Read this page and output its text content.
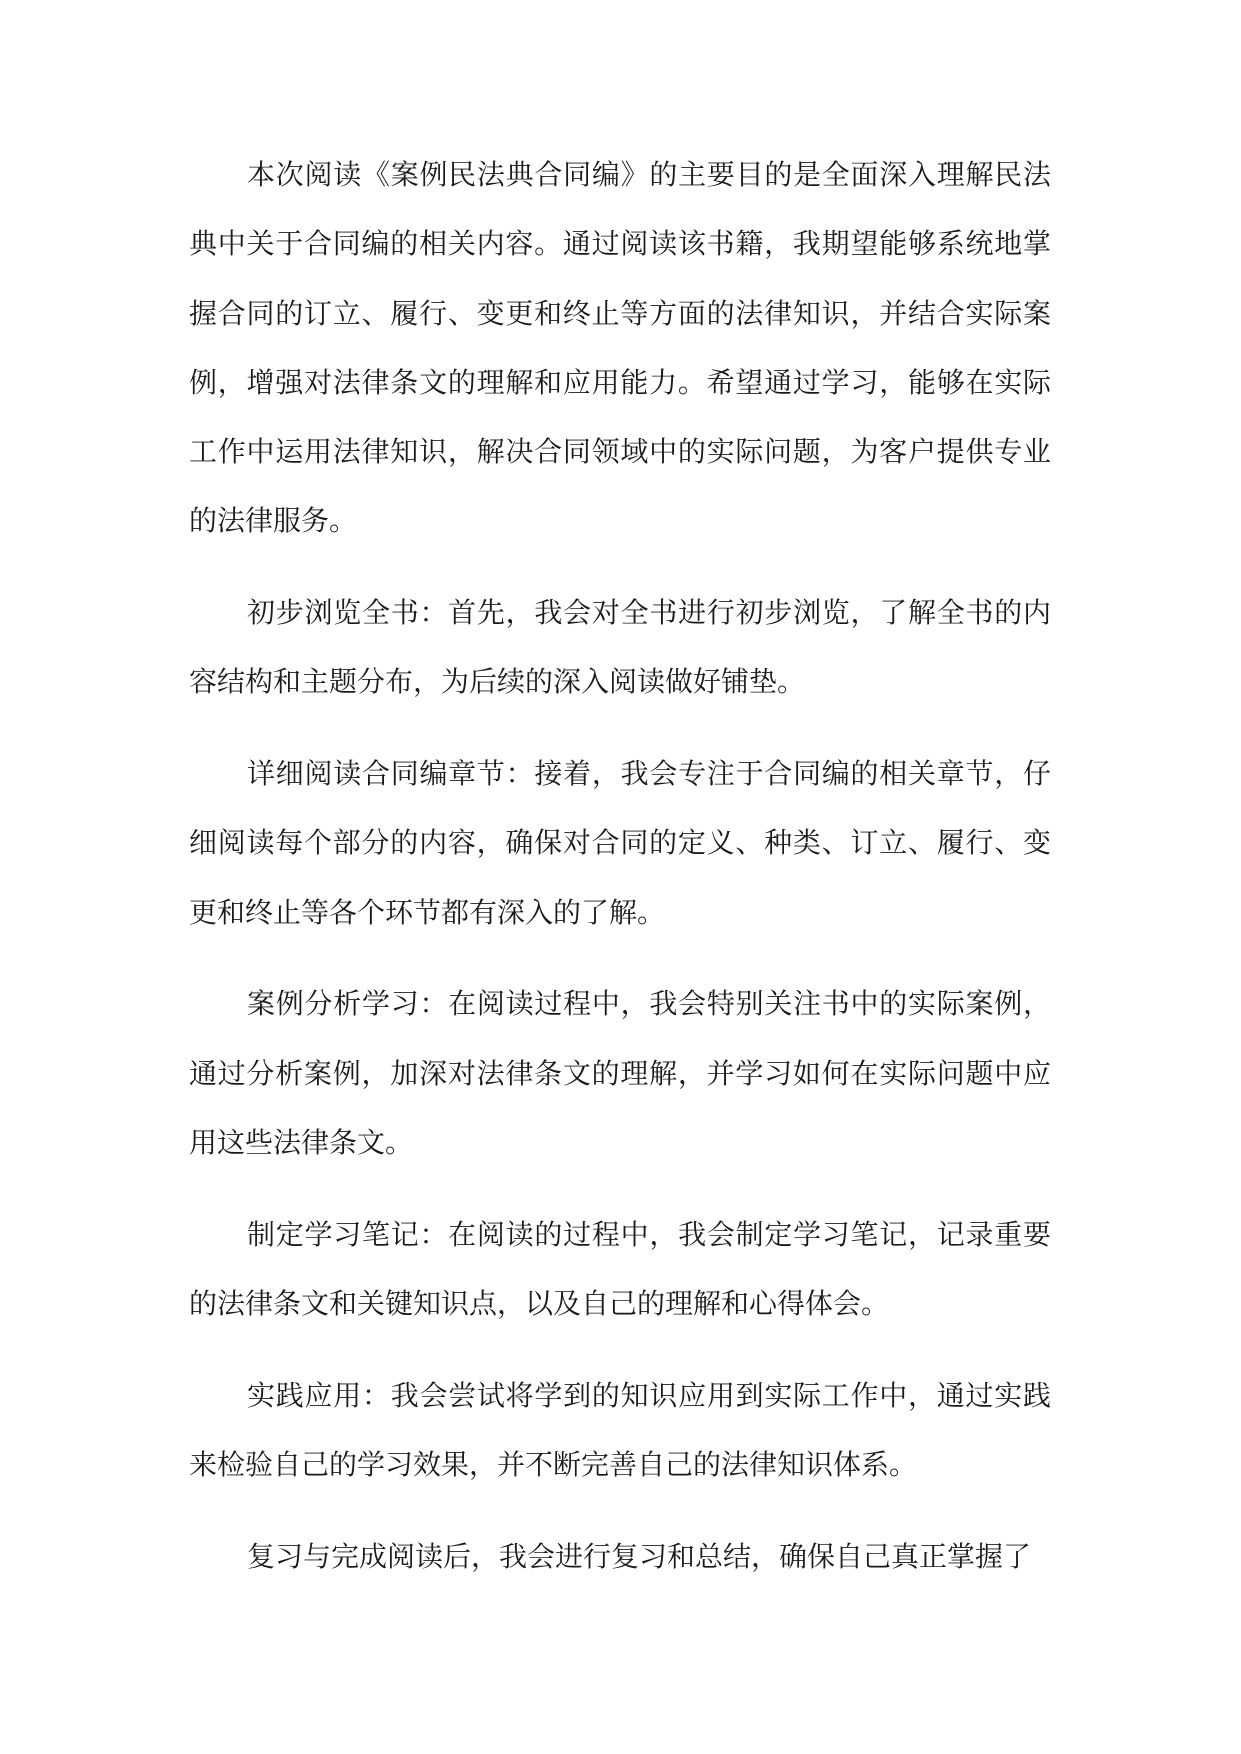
本次阅读《案例民法典合同编》的主要目的是全面深入理解民法典中关于合同编的相关内容。通过阅读该书籍，我期望能够系统地掌握合同的订立、履行、变更和终止等方面的法律知识，并结合实际案例，增强对法律条文的理解和应用能力。希望通过学习，能够在实际工作中运用法律知识，解决合同领域中的实际问题，为客户提供专业的法律服务。

初步浏览全书：首先，我会对全书进行初步浏览，了解全书的内容结构和主题分布，为后续的深入阅读做好铺垫。

详细阅读合同编章节：接着，我会专注于合同编的相关章节，仔细阅读每个部分的内容，确保对合同的定义、种类、订立、履行、变更和终止等各个环节都有深入的了解。

案例分析学习：在阅读过程中，我会特别关注书中的实际案例，通过分析案例，加深对法律条文的理解，并学习如何在实际问题中应用这些法律条文。

制定学习笔记：在阅读的过程中，我会制定学习笔记，记录重要的法律条文和关键知识点，以及自己的理解和心得体会。

实践应用：我会尝试将学到的知识应用到实际工作中，通过实践来检验自己的学习效果，并不断完善自己的法律知识体系。

复习与完成阅读后，我会进行复习和总结，确保自己真正掌握了
